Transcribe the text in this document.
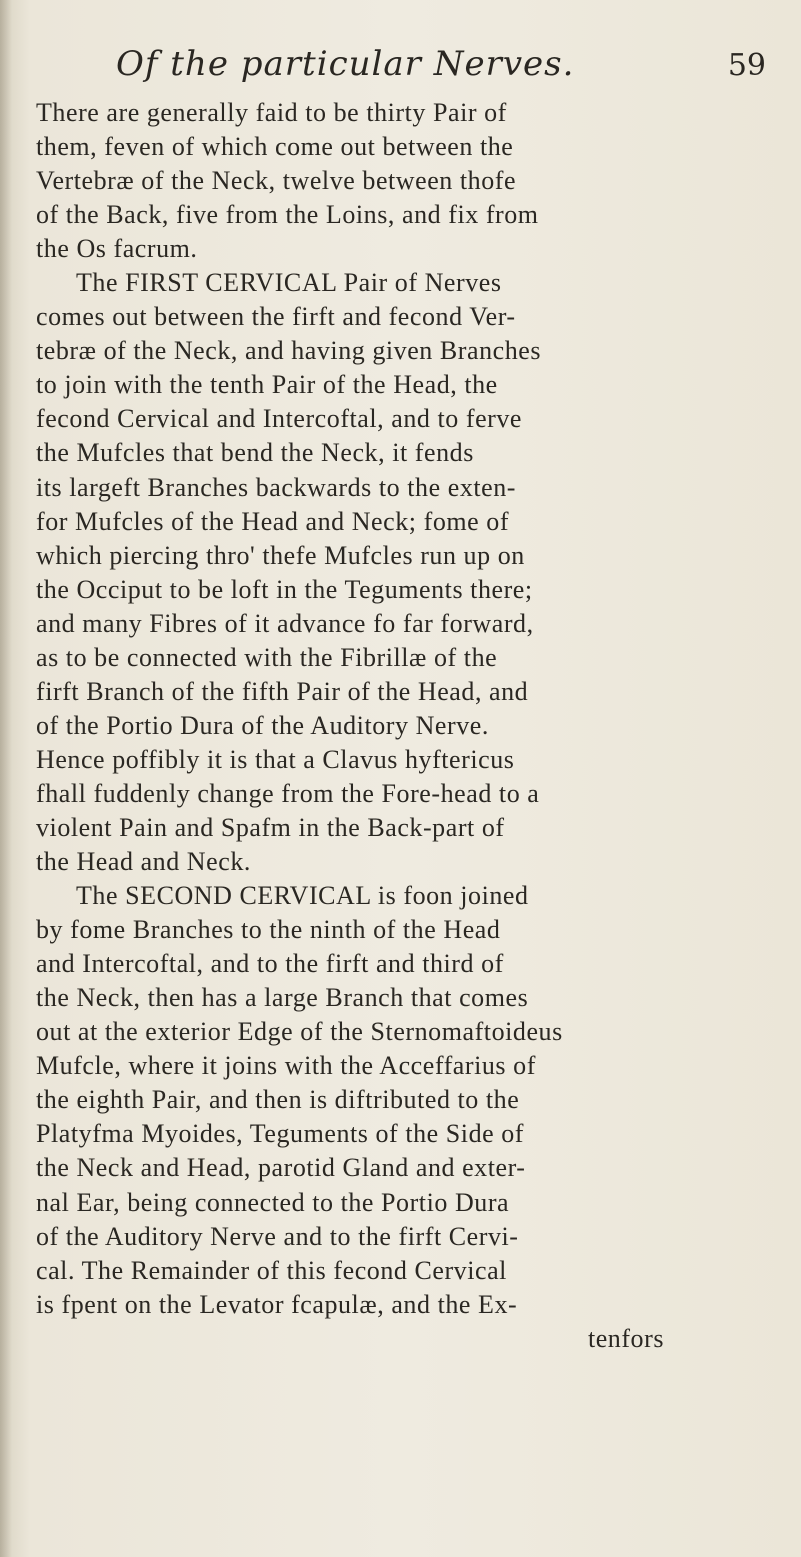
Of the particular Nerves.	59
There are generally faid to be thirty Pair of
them, feven of which come out between the
Vertebræ of the Neck, twelve between thofe
of the Back, five from the Loins, and fix from
the Os facrum.
The FIRST CERVICAL Pair of Nerves
comes out between the firft and fecond Ver-
tebræ of the Neck, and having given Branches
to join with the tenth Pair of the Head, the
fecond Cervical and Intercoftal, and to ferve
the Mufcles that bend the Neck, it fends
its largeft Branches backwards to the exten-
for Mufcles of the Head and Neck; fome of
which piercing thro' thefe Mufcles run up on
the Occiput to be loft in the Teguments there;
and many Fibres of it advance fo far forward,
as to be connected with the Fibrillæ of the
firft Branch of the fifth Pair of the Head, and
of the Portio Dura of the Auditory Nerve.
Hence poffibly it is that a Clavus hyftericus
fhall fuddenly change from the Fore-head to a
violent Pain and Spafm in the Back-part of
the Head and Neck.
The SECOND CERVICAL is foon joined
by fome Branches to the ninth of the Head
and Intercoftal, and to the firft and third of
the Neck, then has a large Branch that comes
out at the exterior Edge of the Sternomaftoideus
Mufcle, where it joins with the Acceffarius of
the eighth Pair, and then is diftributed to the
Platyfma Myoides, Teguments of the Side of
the Neck and Head, parotid Gland and exter-
nal Ear, being connected to the Portio Dura
of the Auditory Nerve and to the firft Cervi-
cal. The Remainder of this fecond Cervical
is fpent on the Levator fcapulæ, and the Ex-
tenfors
